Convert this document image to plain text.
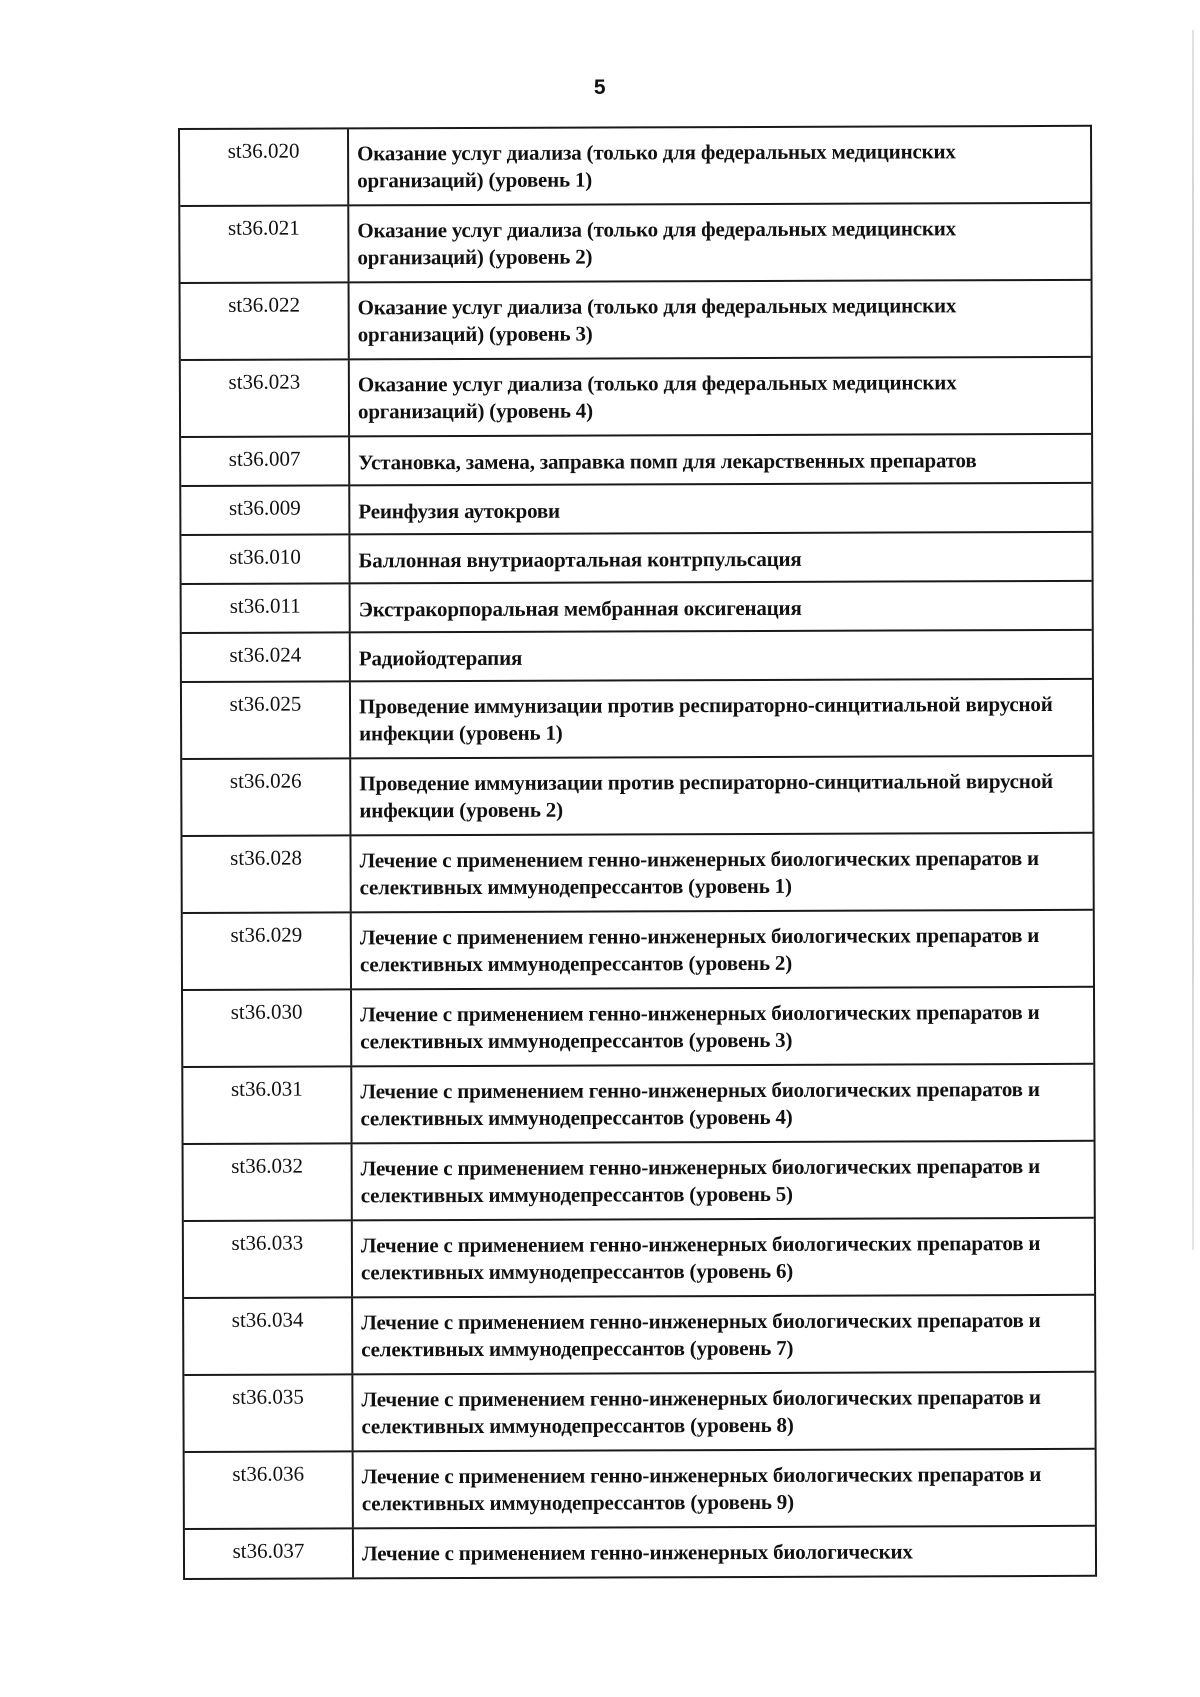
5
st36.020	Оказание услуг диализа (только для федеральных медицинских организаций) (уровень 1)
st36.021	Оказание услуг диализа (только для федеральных медицинских организаций) (уровень 2)
st36.022	Оказание услуг диализа (только для федеральных медицинских организаций) (уровень 3)
st36.023	Оказание услуг диализа (только для федеральных медицинских организаций) (уровень 4)
st36.007	Установка, замена, заправка помп для лекарственных препаратов
st36.009	Реинфузия аутокрови
st36.010	Баллонная внутриаортальная контрпульсация
st36.011	Экстракорпоральная мембранная оксигенация
st36.024	Радиойодтерапия
st36.025	Проведение иммунизации против респираторно-синцитиальной вирусной инфекции (уровень 1)
st36.026	Проведение иммунизации против респираторно-синцитиальной вирусной инфекции (уровень 2)
st36.028	Лечение с применением генно-инженерных биологических препаратов и селективных иммунодепрессантов (уровень 1)
st36.029	Лечение с применением генно-инженерных биологических препаратов и селективных иммунодепрессантов (уровень 2)
st36.030	Лечение с применением генно-инженерных биологических препаратов и селективных иммунодепрессантов (уровень 3)
st36.031	Лечение с применением генно-инженерных биологических препаратов и селективных иммунодепрессантов (уровень 4)
st36.032	Лечение с применением генно-инженерных биологических препаратов и селективных иммунодепрессантов (уровень 5)
st36.033	Лечение с применением генно-инженерных биологических препаратов и селективных иммунодепрессантов (уровень 6)
st36.034	Лечение с применением генно-инженерных биологических препаратов и селективных иммунодепрессантов (уровень 7)
st36.035	Лечение с применением генно-инженерных биологических препаратов и селективных иммунодепрессантов (уровень 8)
st36.036	Лечение с применением генно-инженерных биологических препаратов и селективных иммунодепрессантов (уровень 9)
st36.037	Лечение с применением генно-инженерных биологических
